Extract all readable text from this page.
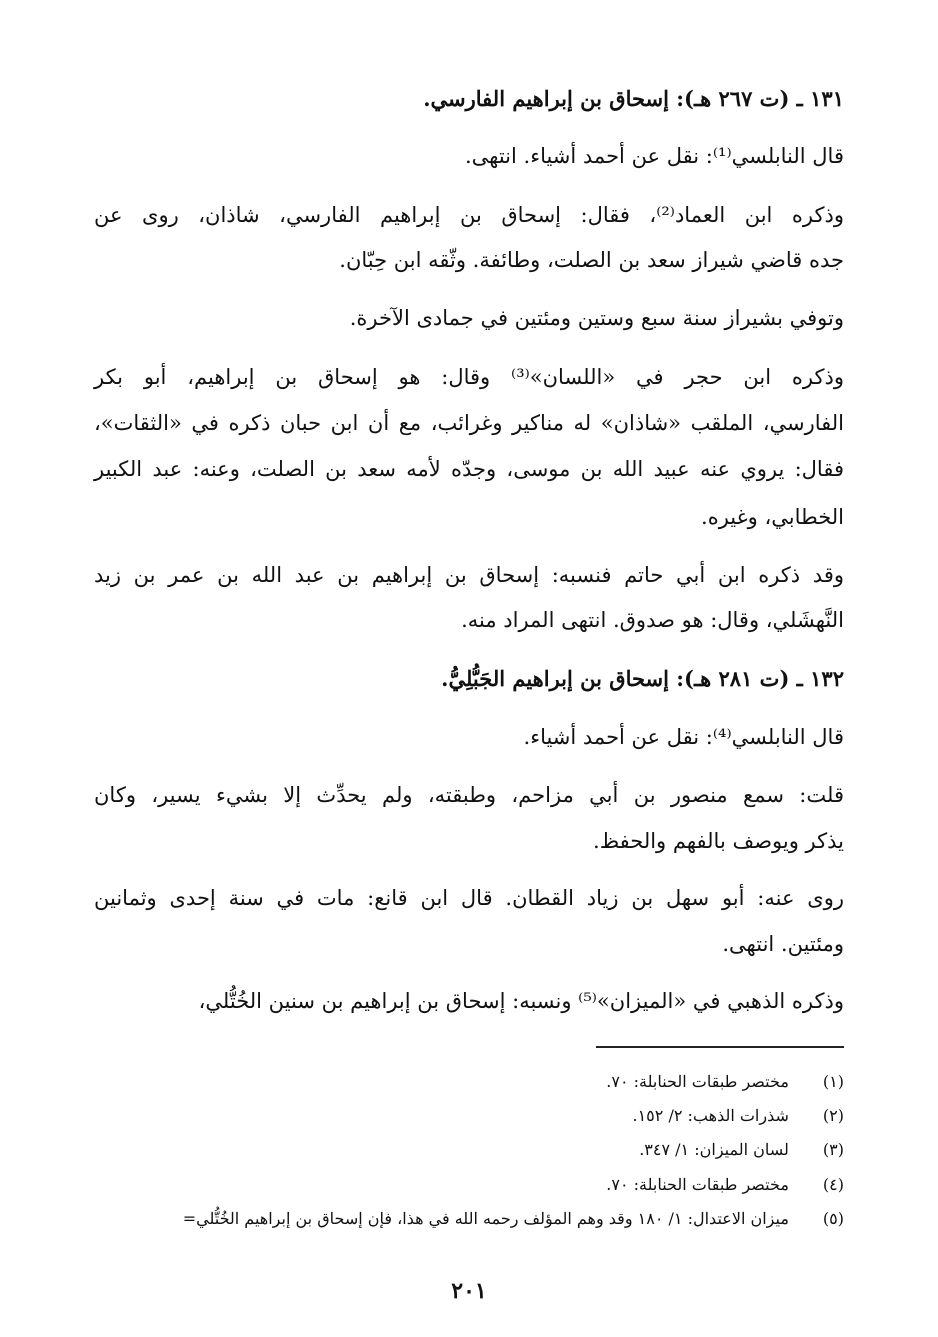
١٣١ ـ (ت ٢٦٧ هـ): إسحاق بن إبراهيم الفارسي.
قال النابلسي⁽¹⁾: نقل عن أحمد أشياء. انتهى.
وذكره ابن العماد⁽²⁾، فقال: إسحاق بن إبراهيم الفارسي، شاذان، روى عن
جده قاضي شيراز سعد بن الصلت، وطائفة. وثّقه ابن حِبّان.
وتوفي بشيراز سنة سبع وستين ومئتين في جمادى الآخرة.
وذكره ابن حجر في «اللسان»⁽³⁾ وقال: هو إسحاق بن إبراهيم، أبو بكر
الفارسي، الملقب «شاذان» له مناكير وغرائب، مع أن ابن حبان ذكره في «الثقات»،
فقال: يروي عنه عبيد الله بن موسى، وجدّه لأمه سعد بن الصلت، وعنه: عبد الكبير
الخطابي، وغيره.
وقد ذكره ابن أبي حاتم فنسبه: إسحاق بن إبراهيم بن عبد الله بن عمر بن زيد
النَّهشَلي، وقال: هو صدوق. انتهى المراد منه.
١٣٢ ـ (ت ٢٨١ هـ): إسحاق بن إبراهيم الجَبُّلِيُّ.
قال النابلسي⁽⁴⁾: نقل عن أحمد أشياء.
قلت: سمع منصور بن أبي مزاحم، وطبقته، ولم يحدِّث إلا بشيء يسير، وكان
يذكر ويوصف بالفهم والحفظ.
روى عنه: أبو سهل بن زياد القطان. قال ابن قانع: مات في سنة إحدى وثمانين
ومئتين. انتهى.
وذكره الذهبي في «الميزان»⁽⁵⁾ ونسبه: إسحاق بن إبراهيم بن سنين الخُتُّلي،
(١) مختصر طبقات الحنابلة: ٧٠.
(٢) شذرات الذهب: ٢/ ١٥٢.
(٣) لسان الميزان: ١/ ٣٤٧.
(٤) مختصر طبقات الحنابلة: ٧٠.
(٥) ميزان الاعتدال: ١/ ١٨٠ وقد وهم المؤلف رحمه الله في هذا، فإن إسحاق بن إبراهيم الخُتُّلي=
٢٠١
